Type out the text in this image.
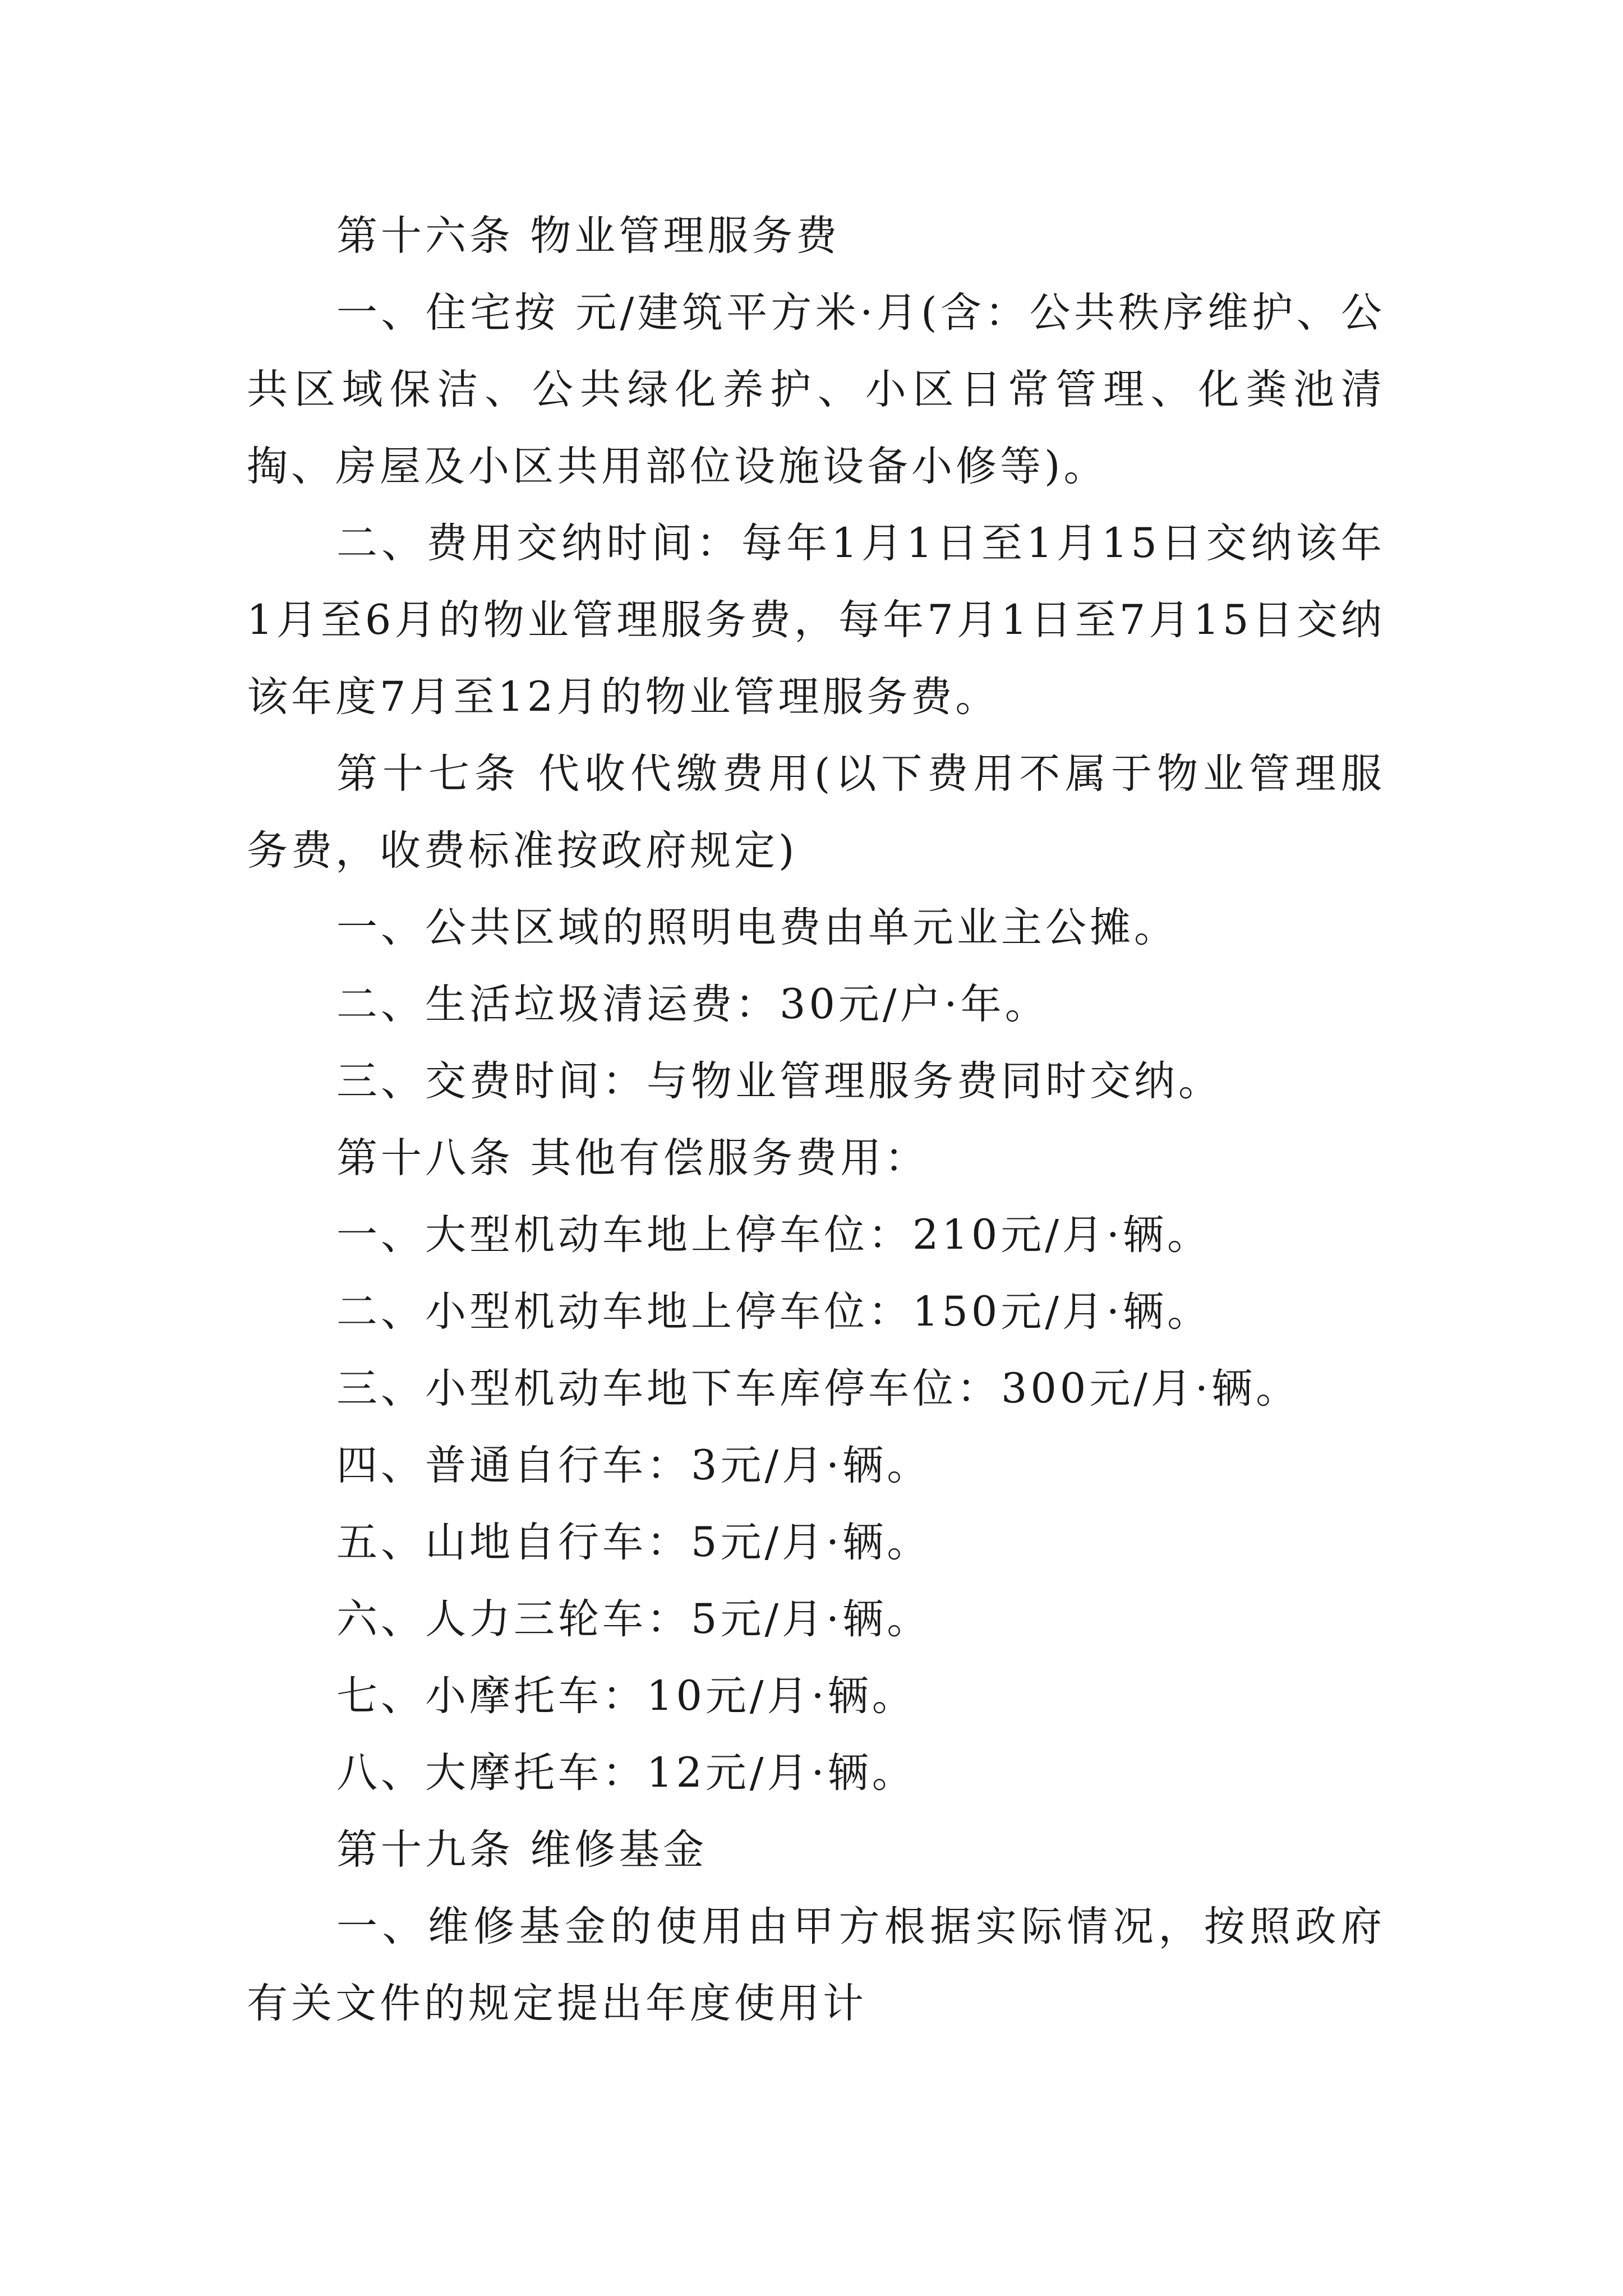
第十六条 物业管理服务费

一、住宅按 元/建筑平方米·月(含：公共秩序维护、公共区域保洁、公共绿化养护、小区日常管理、化粪池清掏、房屋及小区共用部位设施设备小修等)。

二、费用交纳时间：每年1月1日至1月15日交纳该年1月至6月的物业管理服务费，每年7月1日至7月15日交纳该年度7月至12月的物业管理服务费。

第十七条 代收代缴费用(以下费用不属于物业管理服务费，收费标准按政府规定)

一、公共区域的照明电费由单元业主公摊。

二、生活垃圾清运费：30元/户·年。

三、交费时间：与物业管理服务费同时交纳。

第十八条 其他有偿服务费用：

一、大型机动车地上停车位：210元/月·辆。

二、小型机动车地上停车位：150元/月·辆。

三、小型机动车地下车库停车位：300元/月·辆。

四、普通自行车：3元/月·辆。

五、山地自行车：5元/月·辆。

六、人力三轮车：5元/月·辆。

七、小摩托车：10元/月·辆。

八、大摩托车：12元/月·辆。

第十九条 维修基金

一、维修基金的使用由甲方根据实际情况，按照政府有关文件的规定提出年度使用计
